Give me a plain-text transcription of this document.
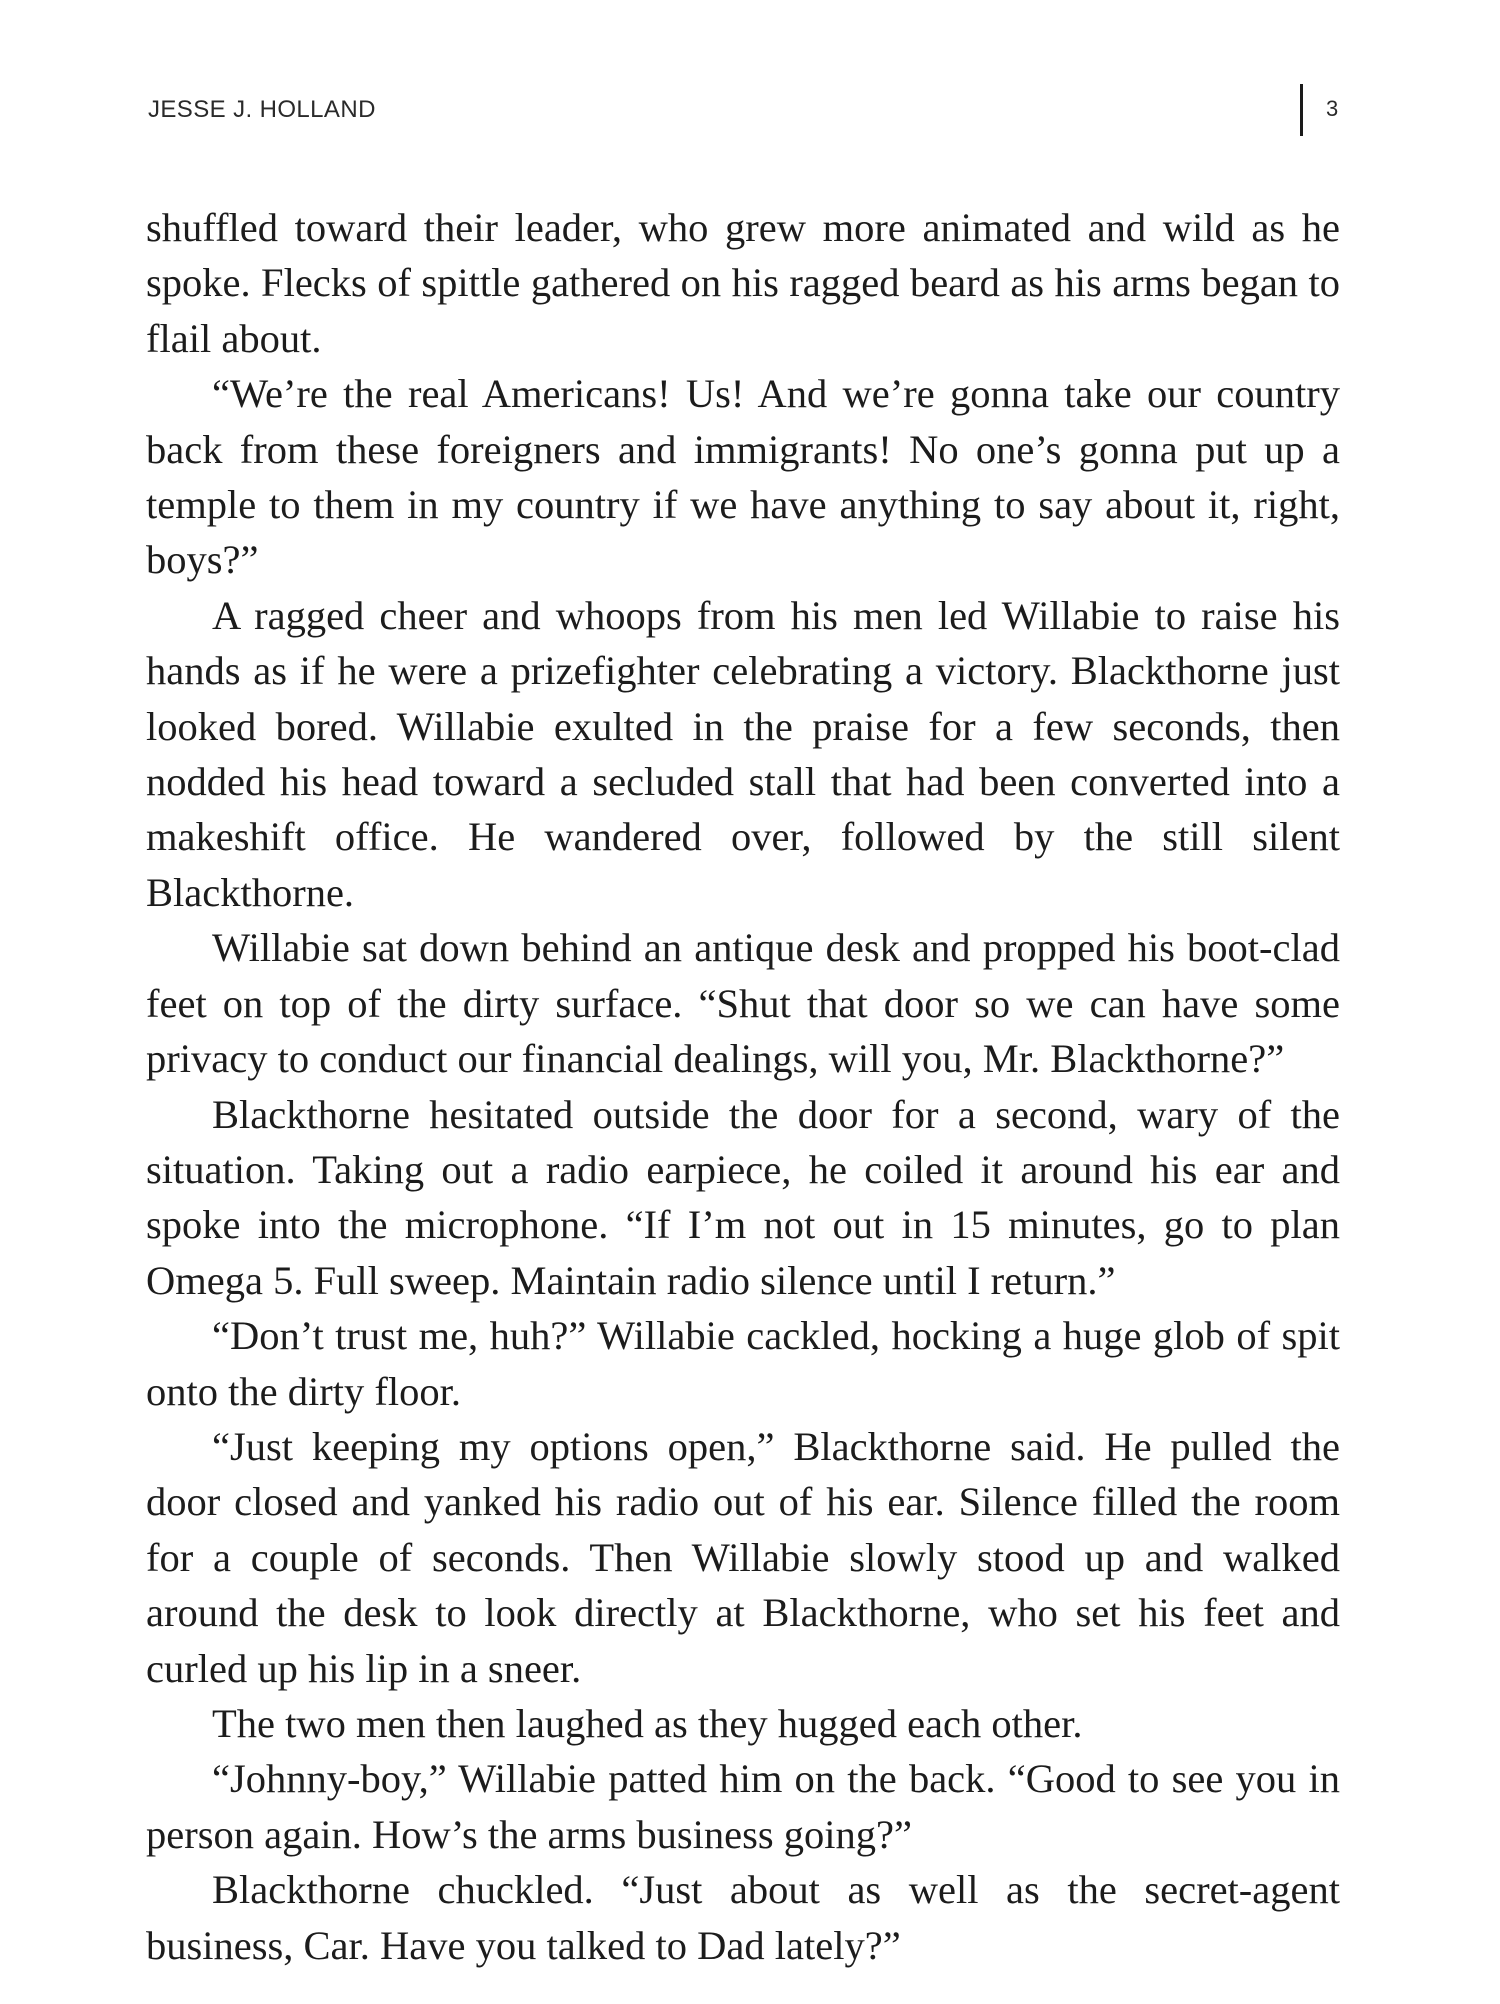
JESSE J. HOLLAND	3

shuffled toward their leader, who grew more animated and wild as he spoke. Flecks of spittle gathered on his ragged beard as his arms began to flail about.

“We’re the real Americans! Us! And we’re gonna take our country back from these foreigners and immigrants! No one’s gonna put up a temple to them in my country if we have anything to say about it, right, boys?”

A ragged cheer and whoops from his men led Willabie to raise his hands as if he were a prizefighter celebrating a victory. Blackthorne just looked bored. Willabie exulted in the praise for a few seconds, then nodded his head toward a secluded stall that had been converted into a makeshift office. He wandered over, followed by the still silent Blackthorne.

Willabie sat down behind an antique desk and propped his boot-clad feet on top of the dirty surface. “Shut that door so we can have some privacy to conduct our financial dealings, will you, Mr. Blackthorne?”

Blackthorne hesitated outside the door for a second, wary of the situation. Taking out a radio earpiece, he coiled it around his ear and spoke into the microphone. “If I’m not out in 15 minutes, go to plan Omega 5. Full sweep. Maintain radio silence until I return.”

“Don’t trust me, huh?” Willabie cackled, hocking a huge glob of spit onto the dirty floor.

“Just keeping my options open,” Blackthorne said. He pulled the door closed and yanked his radio out of his ear. Silence filled the room for a couple of seconds. Then Willabie slowly stood up and walked around the desk to look directly at Blackthorne, who set his feet and curled up his lip in a sneer.

The two men then laughed as they hugged each other.

“Johnny-boy,” Willabie patted him on the back. “Good to see you in person again. How’s the arms business going?”

Blackthorne chuckled. “Just about as well as the secret-agent business, Car. Have you talked to Dad lately?”
